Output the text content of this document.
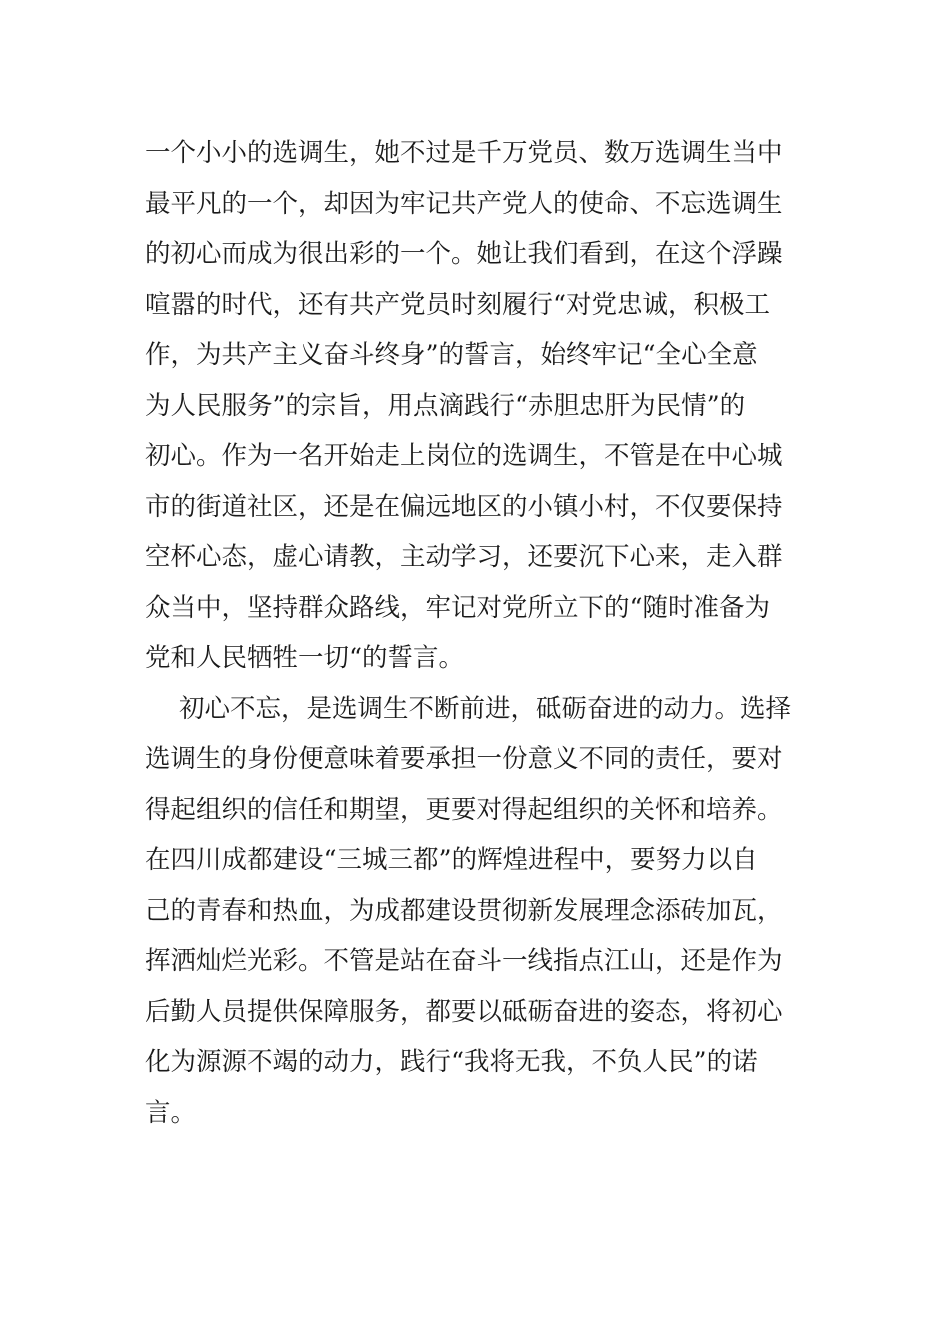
一个小小的选调生，她不过是千万党员、数万选调生当中
最平凡的一个，却因为牢记共产党人的使命、不忘选调生
的初心而成为很出彩的一个。她让我们看到，在这个浮躁
喧嚣的时代，还有共产党员时刻履行“对党忠诚，积极工
作，为共产主义奋斗终身”的誓言，始终牢记“全心全意
为人民服务”的宗旨，用点滴践行“赤胆忠肝为民情”的
初心。作为一名开始走上岗位的选调生，不管是在中心城
市的街道社区，还是在偏远地区的小镇小村，不仅要保持
空杯心态，虚心请教，主动学习，还要沉下心来，走入群
众当中，坚持群众路线，牢记对党所立下的“随时准备为
党和人民牺牲一切“的誓言。
初心不忘，是选调生不断前进，砥砺奋进的动力。选择
选调生的身份便意味着要承担一份意义不同的责任，要对
得起组织的信任和期望，更要对得起组织的关怀和培养。
在四川成都建设“三城三都”的辉煌进程中，要努力以自
己的青春和热血，为成都建设贯彻新发展理念添砖加瓦，
挥洒灿烂光彩。不管是站在奋斗一线指点江山，还是作为
后勤人员提供保障服务，都要以砥砺奋进的姿态，将初心
化为源源不竭的动力，践行“我将无我，不负人民”的诺
言。
